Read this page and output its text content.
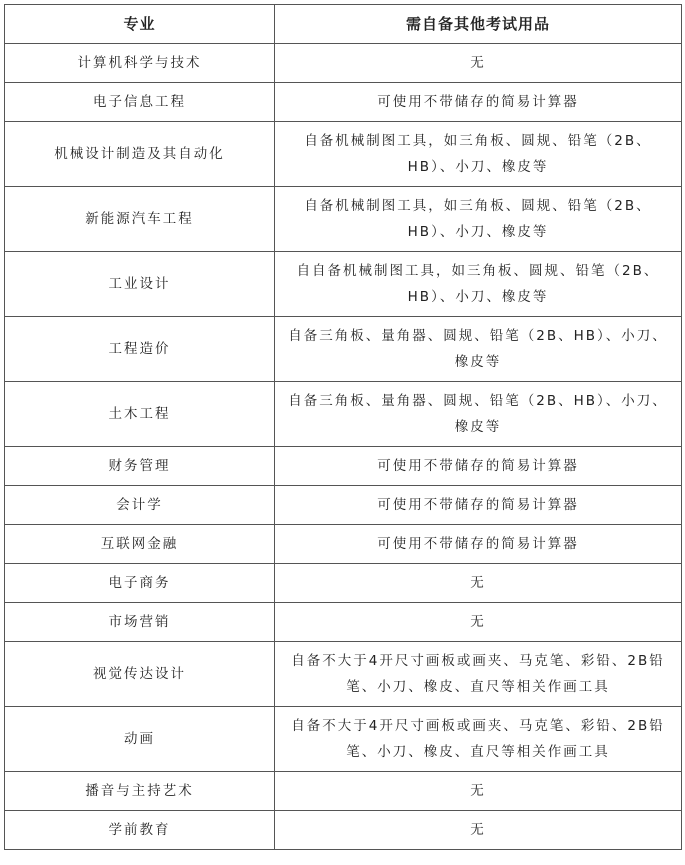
专业	需自备其他考试用品
计算机科学与技术	无
电子信息工程	可使用不带储存的简易计算器
机械设计制造及其自动化	自备机械制图工具，如三角板、圆规、铅笔（2B、HB）、小刀、橡皮等
新能源汽车工程	自备机械制图工具，如三角板、圆规、铅笔（2B、HB）、小刀、橡皮等
工业设计	自自备机械制图工具，如三角板、圆规、铅笔（2B、HB）、小刀、橡皮等
工程造价	自备三角板、量角器、圆规、铅笔（2B、HB）、小刀、橡皮等
土木工程	自备三角板、量角器、圆规、铅笔（2B、HB）、小刀、橡皮等
财务管理	可使用不带储存的简易计算器
会计学	可使用不带储存的简易计算器
互联网金融	可使用不带储存的简易计算器
电子商务	无
市场营销	无
视觉传达设计	自备不大于4开尺寸画板或画夹、马克笔、彩铅、2B铅笔、小刀、橡皮、直尺等相关作画工具
动画	自备不大于4开尺寸画板或画夹、马克笔、彩铅、2B铅笔、小刀、橡皮、直尺等相关作画工具
播音与主持艺术	无
学前教育	无
